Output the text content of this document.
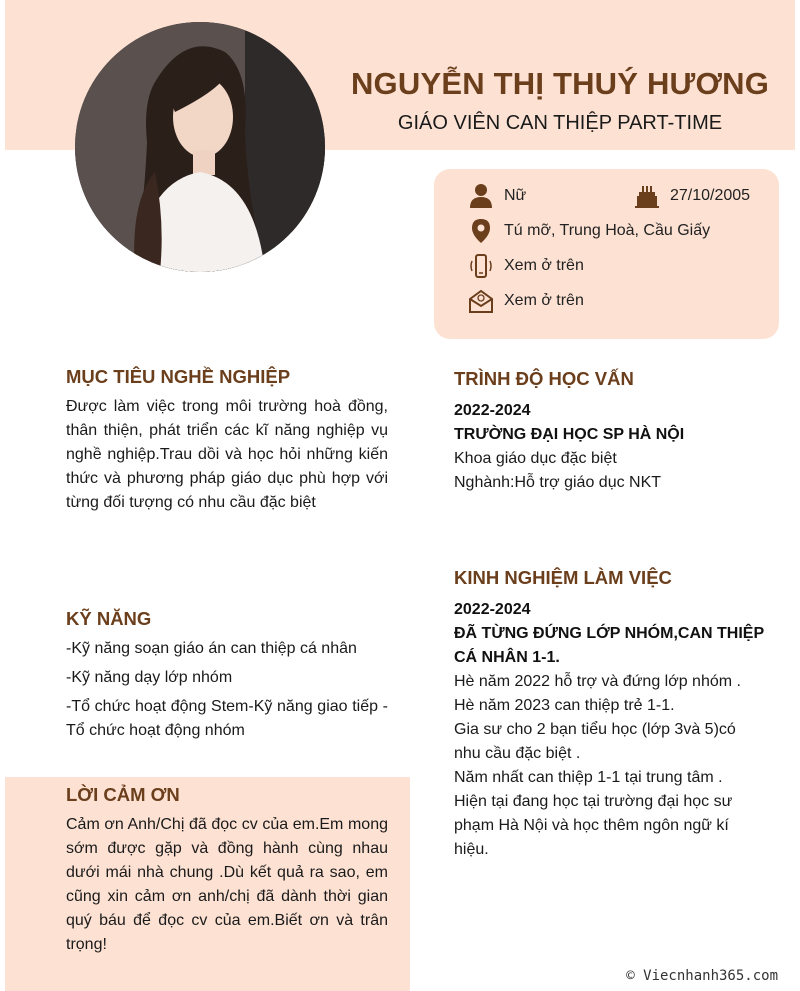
NGUYỄN THỊ THUÝ HƯƠNG
GIÁO VIÊN CAN THIỆP PART-TIME
Nữ	27/10/2005
Tú mỡ, Trung Hoà, Cầu Giấy
Xem ở trên
Xem ở trên
MỤC TIÊU NGHỀ NGHIỆP
Được làm việc trong môi trường hoà đồng, thân thiện, phát triển các kĩ năng nghiệp vụ nghề nghiệp.Trau dồi và học hỏi những kiến thức và phương pháp giáo dục phù hợp với từng đối tượng có nhu cầu đặc biệt
KỸ NĂNG
-Kỹ năng soạn giáo án can thiệp cá nhân
-Kỹ năng dạy lớp nhóm
-Tổ chức hoạt động Stem-Kỹ năng giao tiếp -Tổ chức hoạt động nhóm
LỜI CẢM ƠN
Cảm ơn Anh/Chị đã đọc cv của em.Em mong sớm được gặp và đồng hành cùng nhau dưới mái nhà chung .Dù kết quả ra sao, em cũng xin cảm ơn anh/chị đã dành thời gian quý báu để đọc cv của em.Biết ơn và trân trọng!
TRÌNH ĐỘ HỌC VẤN
2022-2024
TRƯỜNG ĐẠI HỌC SP HÀ NỘI
Khoa giáo dục đặc biệt
Nghành:Hỗ trợ giáo dục NKT
KINH NGHIỆM LÀM VIỆC
2022-2024
ĐÃ TỪNG ĐỨNG LỚP NHÓM,CAN THIỆP CÁ NHÂN 1-1.
Hè năm 2022 hỗ trợ và đứng lớp nhóm .
Hè năm 2023 can thiệp trẻ 1-1.
Gia sư cho 2 bạn tiểu học (lớp 3và 5)có nhu cầu đặc biệt .
Năm nhất can thiệp 1-1 tại trung tâm .
Hiện tại đang học tại trường đại học sư phạm Hà Nội và học thêm ngôn ngữ kí hiệu.
© Viecnhanh365.com
